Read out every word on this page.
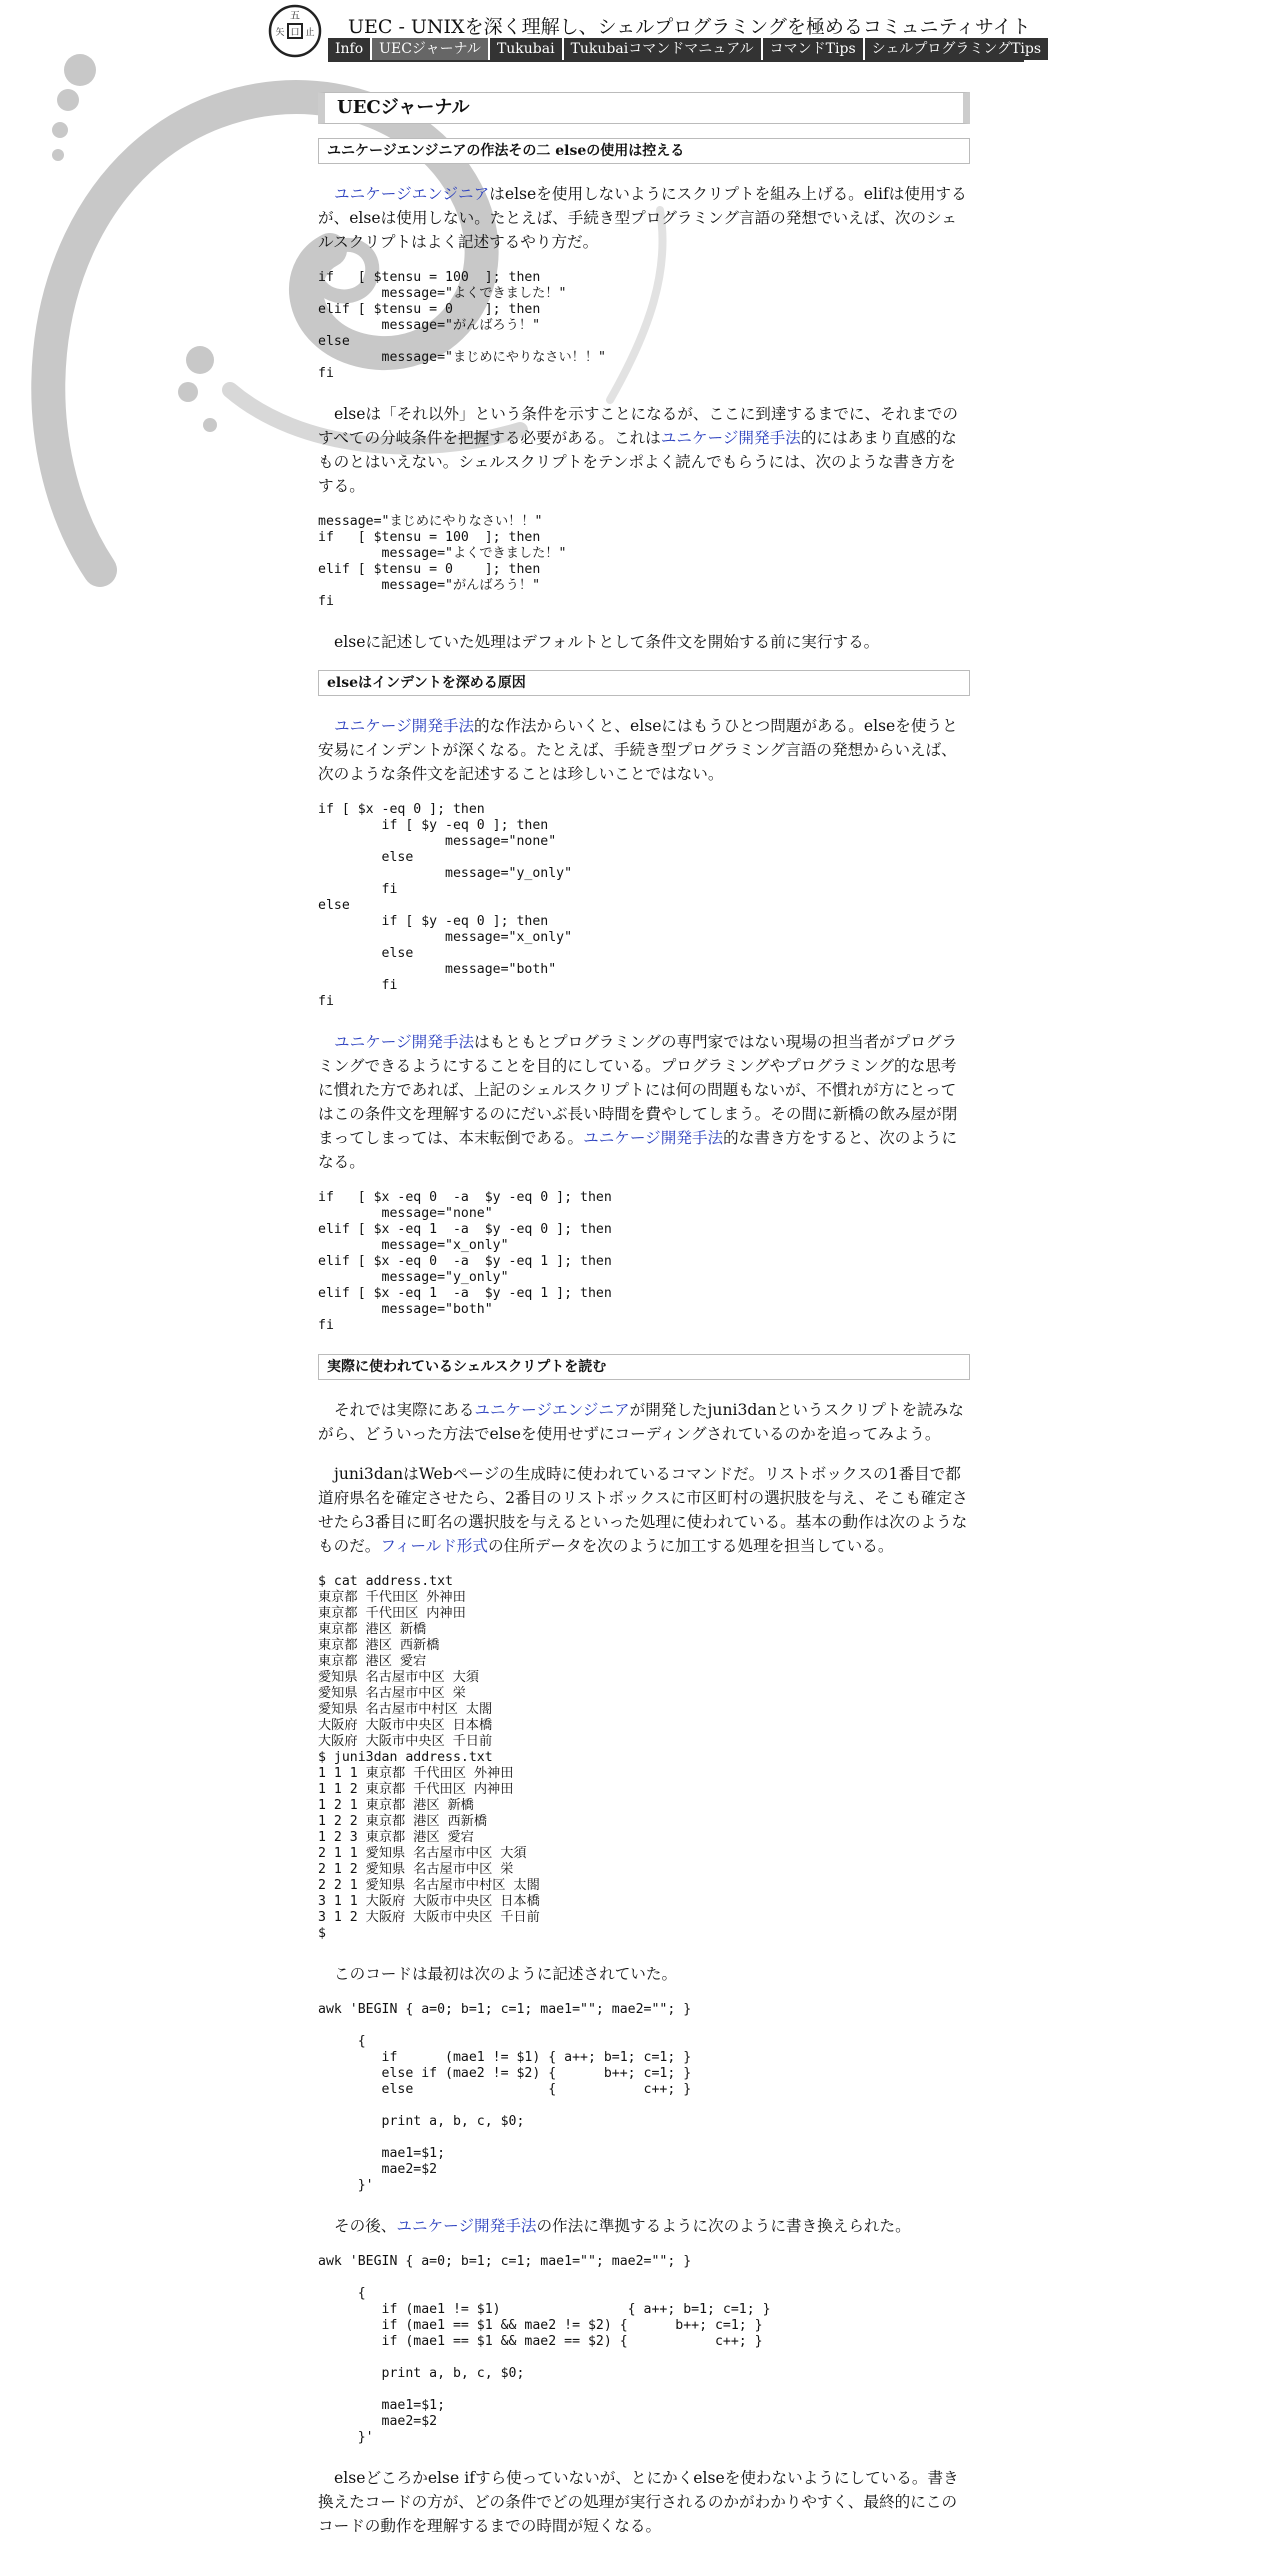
五
口
矢 止 UEC - UNIXを深く理解し、シェルプログラミングを極めるコミュニティサイト
Info	UECジャーナル	Tukubai	Tukubaiコマンドマニュアル	コマンドTips	シェルプログラミングTips
UECジャーナル
ユニケージエンジニアの作法その二 elseの使用は控える

ユニケージエンジニアはelseを使用しないようにスクリプトを組み上げる。elifは使用するが、elseは使用しない。たとえば、手続き型プログラミング言語の発想でいえば、次のシェルスクリプトはよく記述するやり方だ。

if   [ $tensu = 100  ]; then
message="よくできました！"
elif [ $tensu = 0    ]; then
message="がんばろう！"
else
message="まじめにやりなさい！！"
fi

elseは「それ以外」という条件を示すことになるが、ここに到達するまでに、それまでのすべての分岐条件を把握する必要がある。これはユニケージ開発手法的にはあまり直感的なものとはいえない。シェルスクリプトをテンポよく読んでもらうには、次のような書き方をする。

message="まじめにやりなさい！！"
if   [ $tensu = 100  ]; then
message="よくできました！"
elif [ $tensu = 0    ]; then
message="がんばろう！"
fi

elseに記述していた処理はデフォルトとして条件文を開始する前に実行する。

elseはインデントを深める原因

ユニケージ開発手法的な作法からいくと、elseにはもうひとつ問題がある。elseを使うと安易にインデントが深くなる。たとえば、手続き型プログラミング言語の発想からいえば、次のような条件文を記述することは珍しいことではない。

if [ $x -eq 0 ]; then
if [ $y -eq 0 ]; then
message="none"
else
message="y_only"
fi
else
if [ $y -eq 0 ]; then
message="x_only"
else
message="both"
fi
fi

ユニケージ開発手法はもともとプログラミングの専門家ではない現場の担当者がプログラミングできるようにすることを目的にしている。プログラミングやプログラミング的な思考に慣れた方であれば、上記のシェルスクリプトには何の問題もないが、不慣れが方にとってはこの条件文を理解するのにだいぶ長い時間を費やしてしまう。その間に新橋の飲み屋が閉まってしまっては、本末転倒である。ユニケージ開発手法的な書き方をすると、次のようになる。

if   [ $x -eq 0  -a  $y -eq 0 ]; then
message="none"
elif [ $x -eq 1  -a  $y -eq 0 ]; then
message="x_only"
elif [ $x -eq 0  -a  $y -eq 1 ]; then
message="y_only"
elif [ $x -eq 1  -a  $y -eq 1 ]; then
message="both"
fi
実際に使われているシェルスクリプトを読む

それでは実際にあるユニケージエンジニアが開発したjuni3danというスクリプトを読みながら、どういった方法でelseを使用せずにコーディングされているのかを追ってみよう。

juni3danはWebページの生成時に使われているコマンドだ。リストボックスの1番目で都道府県名を確定させたら、2番目のリストボックスに市区町村の選択肢を与え、そこも確定させたら3番目に町名の選択肢を与えるといった処理に使われている。基本の動作は次のようなものだ。フィールド形式の住所データを次のように加工する処理を担当している。

$ cat address.txt
東京都 千代田区 外神田
東京都 千代田区 内神田
東京都 港区 新橋
東京都 港区 西新橋
東京都 港区 愛宕
愛知県 名古屋市中区 大須
愛知県 名古屋市中区 栄
愛知県 名古屋市中村区 太閤
大阪府 大阪市中央区 日本橋
大阪府 大阪市中央区 千日前
$ juni3dan address.txt
1 1 1 東京都 千代田区 外神田
1 1 2 東京都 千代田区 内神田
1 2 1 東京都 港区 新橋
1 2 2 東京都 港区 西新橋
1 2 3 東京都 港区 愛宕
2 1 1 愛知県 名古屋市中区 大須
2 1 2 愛知県 名古屋市中区 栄
2 2 1 愛知県 名古屋市中村区 太閤
3 1 1 大阪府 大阪市中央区 日本橋
3 1 2 大阪府 大阪市中央区 千日前
$

このコードは最初は次のように記述されていた。

awk 'BEGIN { a=0; b=1; c=1; mae1=""; mae2=""; }

{
if      (mae1 != $1) { a++; b=1; c=1; }
else if (mae2 != $2) {      b++; c=1; }
else                 {           c++; }

print a, b, c, $0;

mae1=$1;
mae2=$2
}'

その後、ユニケージ開発手法の作法に準拠するように次のように書き換えられた。

awk 'BEGIN { a=0; b=1; c=1; mae1=""; mae2=""; }

{
if (mae1 != $1)                { a++; b=1; c=1; }
if (mae1 == $1 && mae2 != $2) {      b++; c=1; }
if (mae1 == $1 && mae2 == $2) {           c++; }

print a, b, c, $0;

mae1=$1;
mae2=$2
}'

elseどころかelse ifすら使っていないが、とにかくelseを使わないようにしている。書き換えたコードの方が、どの条件でどの処理が実行されるのかがわかりやすく、最終的にこのコードの動作を理解するまでの時間が短くなる。
